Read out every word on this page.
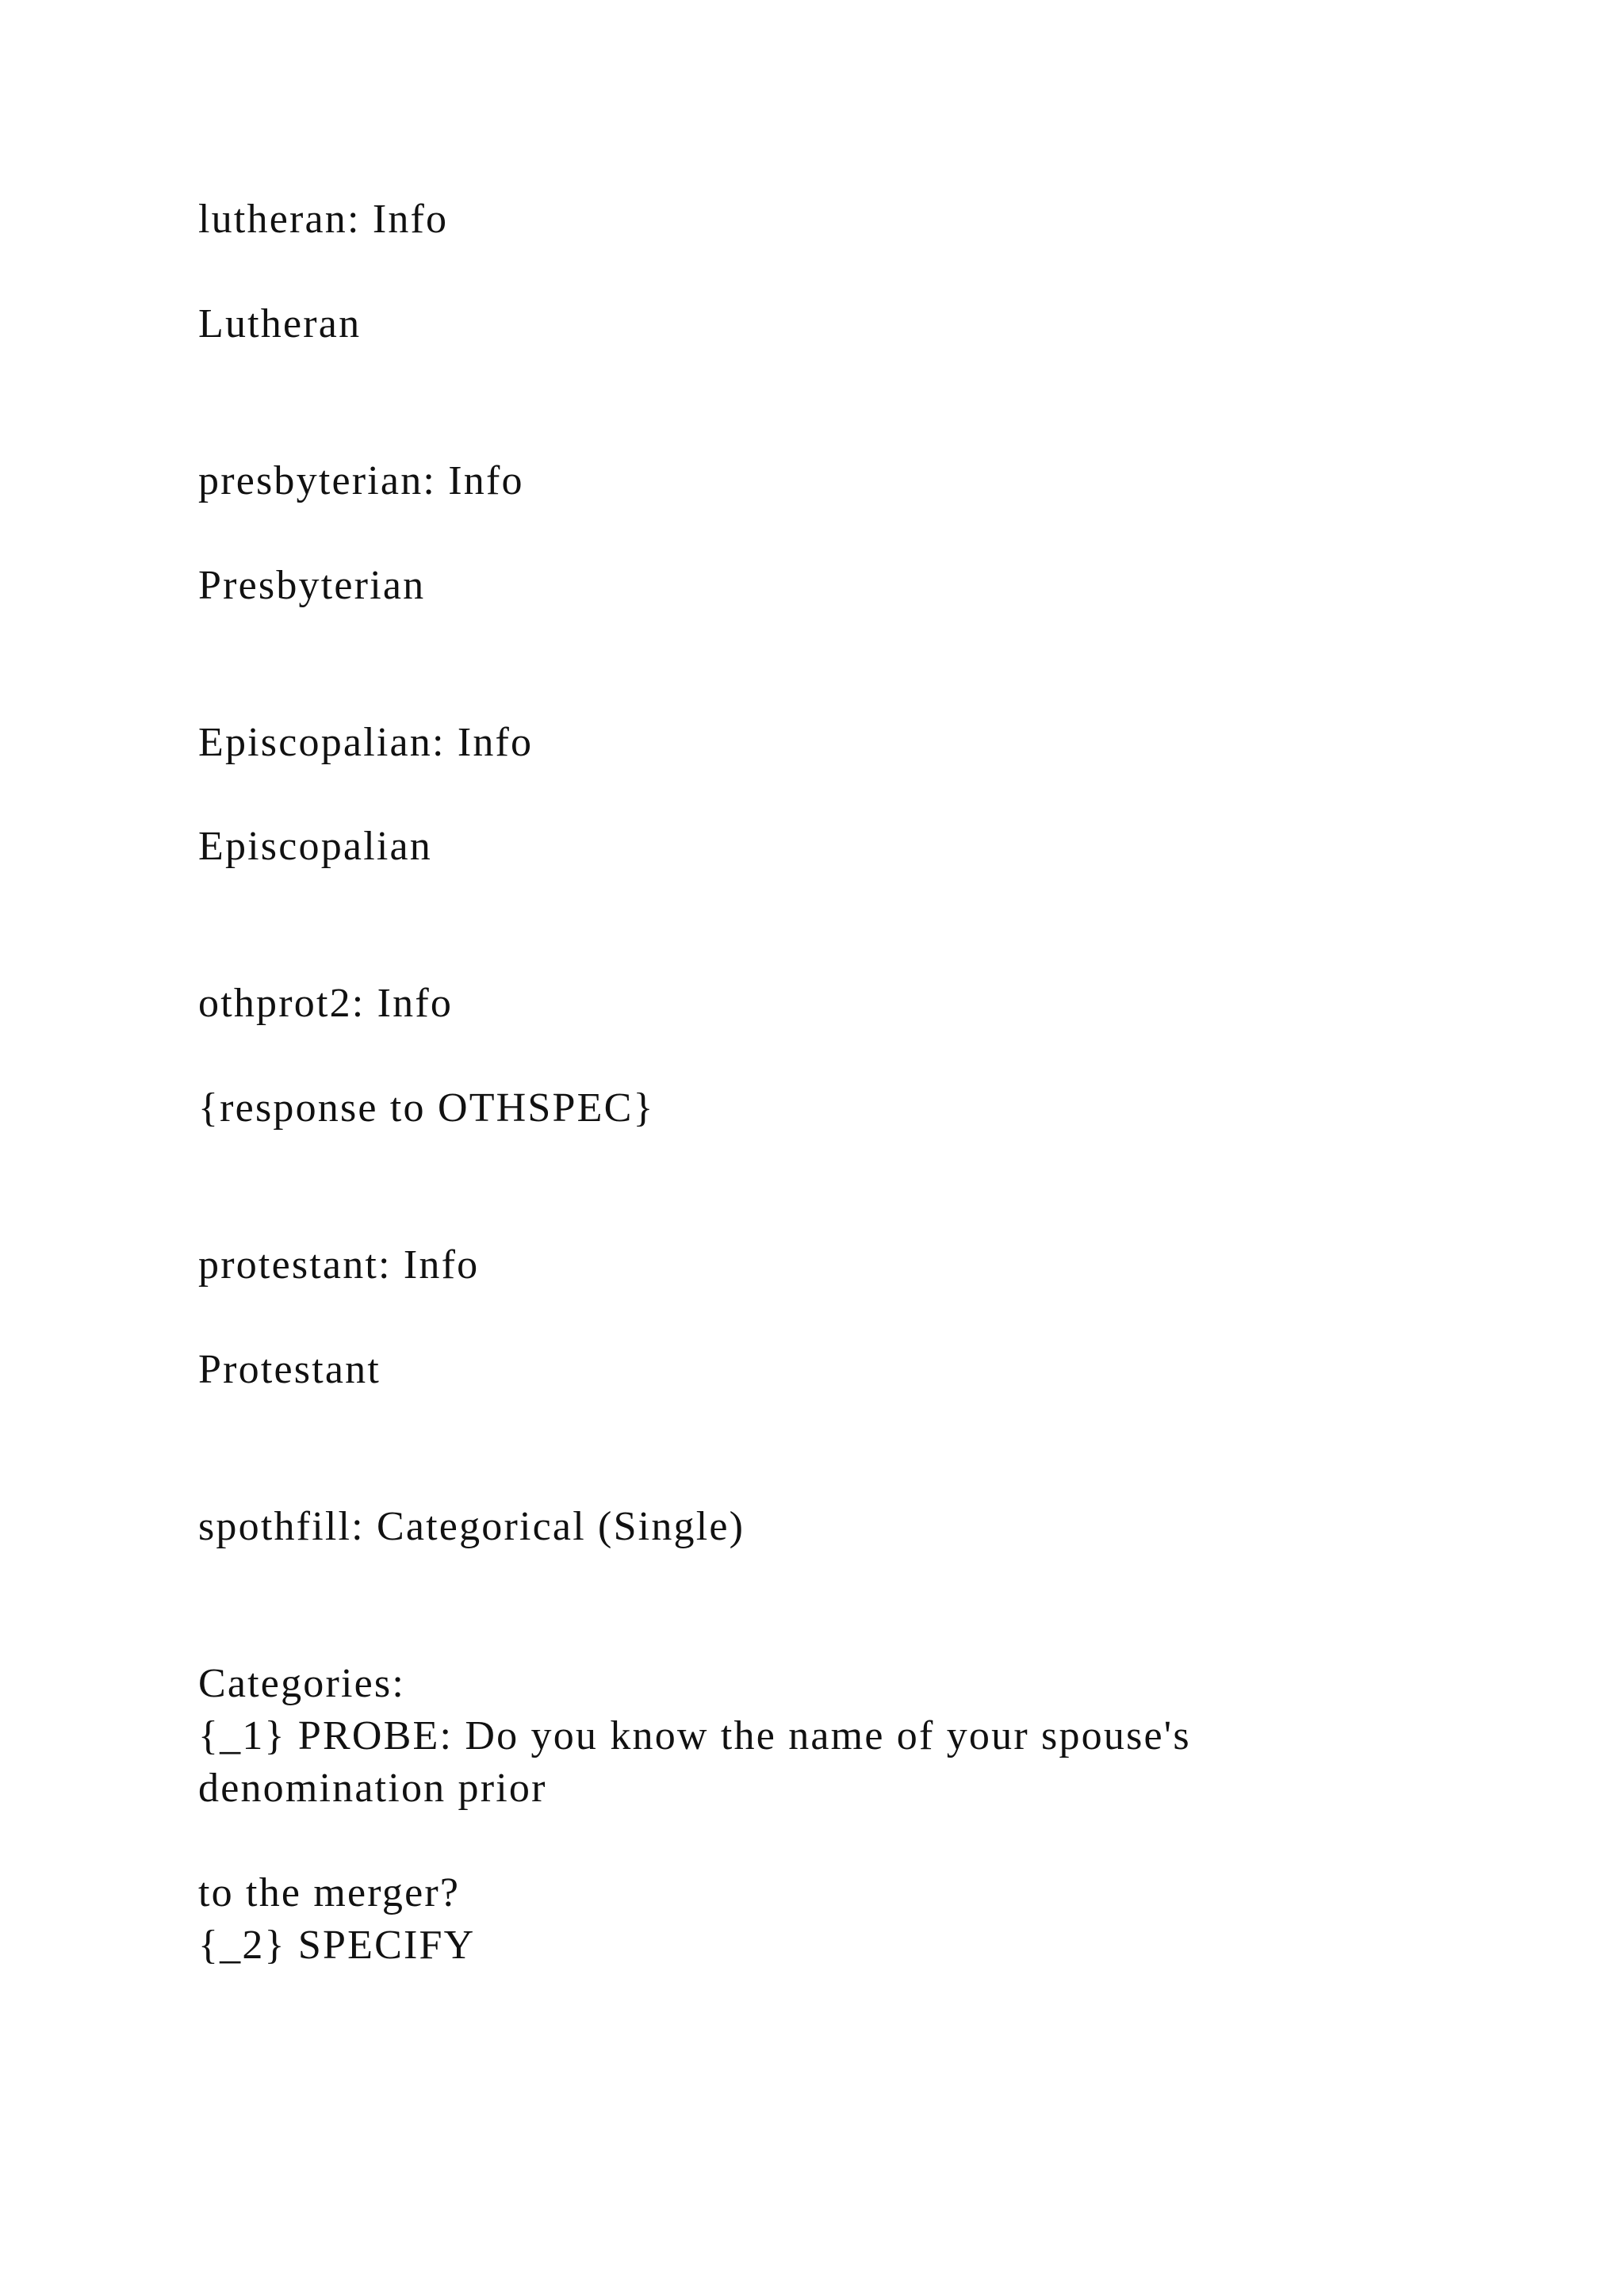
lutheran: Info

Lutheran

presbyterian: Info

Presbyterian

Episcopalian: Info

Episcopalian

othprot2: Info

{response to OTHSPEC}

protestant: Info

Protestant

spothfill: Categorical (Single)

Categories:

{_1} PROBE: Do you know the name of your spouse's

denomination prior

to the merger?

{_2} SPECIFY
